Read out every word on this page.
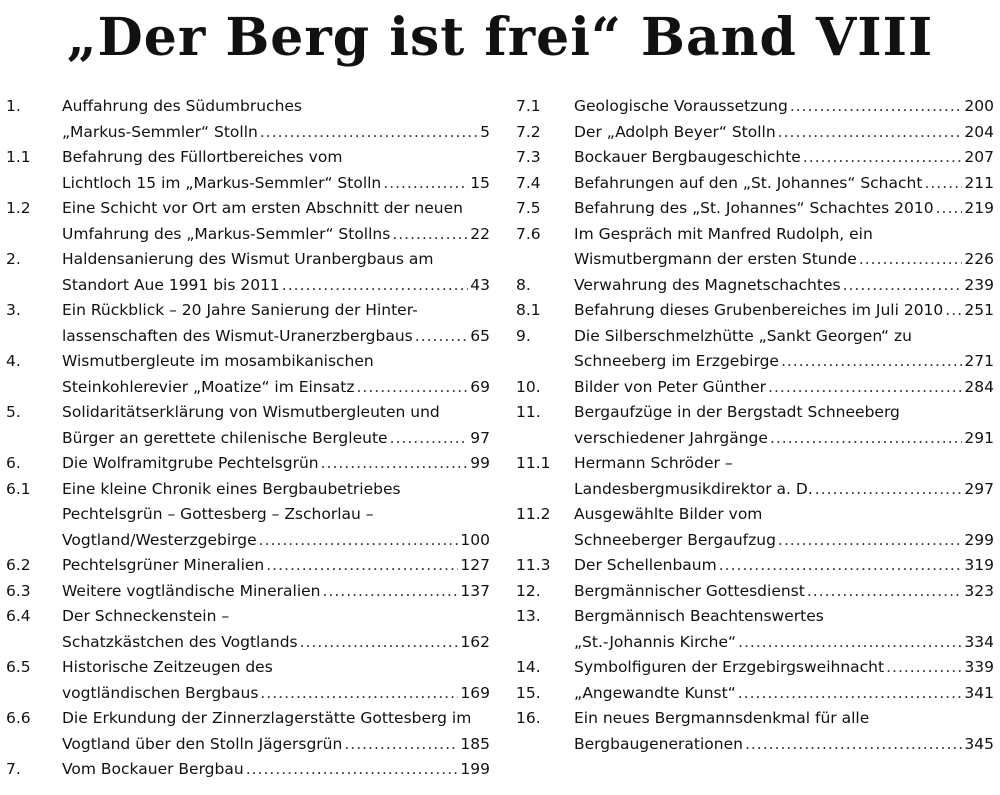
„Der Berg ist frei“ Band VIII
1.	Auffahrung des Südumbruches
„Markus-Semmler“ Stolln .....	5
1.1	Befahrung des Füllortbereiches vom
Lichtloch 15 im „Markus-Semmler“ Stolln .....	15
1.2	Eine Schicht vor Ort am ersten Abschnitt der neuen
Umfahrung des „Markus-Semmler“ Stollns .....	22
2.	Haldensanierung des Wismut Uranbergbaus am
Standort Aue 1991 bis 2011 .....	43
3.	Ein Rückblick – 20 Jahre Sanierung der Hinter-
lassenschaften des Wismut-Uranerzbergbaus .....	65
4.	Wismutbergleute im mosambikanischen
Steinkohlerevier „Moatize“ im Einsatz .....	69
5.	Solidaritätserklärung von Wismutbergleuten und
Bürger an gerettete chilenische Bergleute .....	97
6.	Die Wolframitgrube Pechtelsgrün .....	99
6.1	Eine kleine Chronik eines Bergbaubetriebes
Pechtelsgrün – Gottesberg – Zschorlau –
Vogtland/Westerzgebirge .....	100
6.2	Pechtelsgrüner Mineralien .....	127
6.3	Weitere vogtländische Mineralien .....	137
6.4	Der Schneckenstein –
Schatzkästchen des Vogtlands .....	162
6.5	Historische Zeitzeugen des
vogtländischen Bergbaus .....	169
6.6	Die Erkundung der Zinnerzlagerstätte Gottesberg im
Vogtland über den Stolln Jägersgrün .....	185
7.	Vom Bockauer Bergbau .....	199
7.1	Geologische Voraussetzung .....	200
7.2	Der „Adolph Beyer“ Stolln .....	204
7.3	Bockauer Bergbaugeschichte .....	207
7.4	Befahrungen auf den „St. Johannes“ Schacht .....	211
7.5	Befahrung des „St. Johannes“ Schachtes 2010 ..... 219
7.6	Im Gespräch mit Manfred Rudolph, ein
Wismutbergmann der ersten Stunde .....	226
8.	Verwahrung des Magnetschachtes .....	239
8.1	Befahrung dieses Grubenbereiches im Juli 2010 ..... 251
9.	Die Silberschmelzhütte „Sankt Georgen“ zu
Schneeberg im Erzgebirge .....	271
10.	Bilder von Peter Günther .....	284
11.	Bergaufzüge in der Bergstadt Schneeberg
verschiedener Jahrgänge .....	291
11.1	Hermann Schröder –
Landesbergmusikdirektor a. D. .....	297
11.2	Ausgewählte Bilder vom
Schneeberger Bergaufzug .....	299
11.3	Der Schellenbaum .....	319
12.	Bergmännischer Gottesdienst .....	323
13.	Bergmännisch Beachtenswertes
„St.-Johannis Kirche“ .....	334
14.	Symbolfiguren der Erzgebirgsweihnacht .....	339
15.	„Angewandte Kunst“ .....	341
16.	Ein neues Bergmannsdenkmal für alle
Bergbaugenerationen .....	345
